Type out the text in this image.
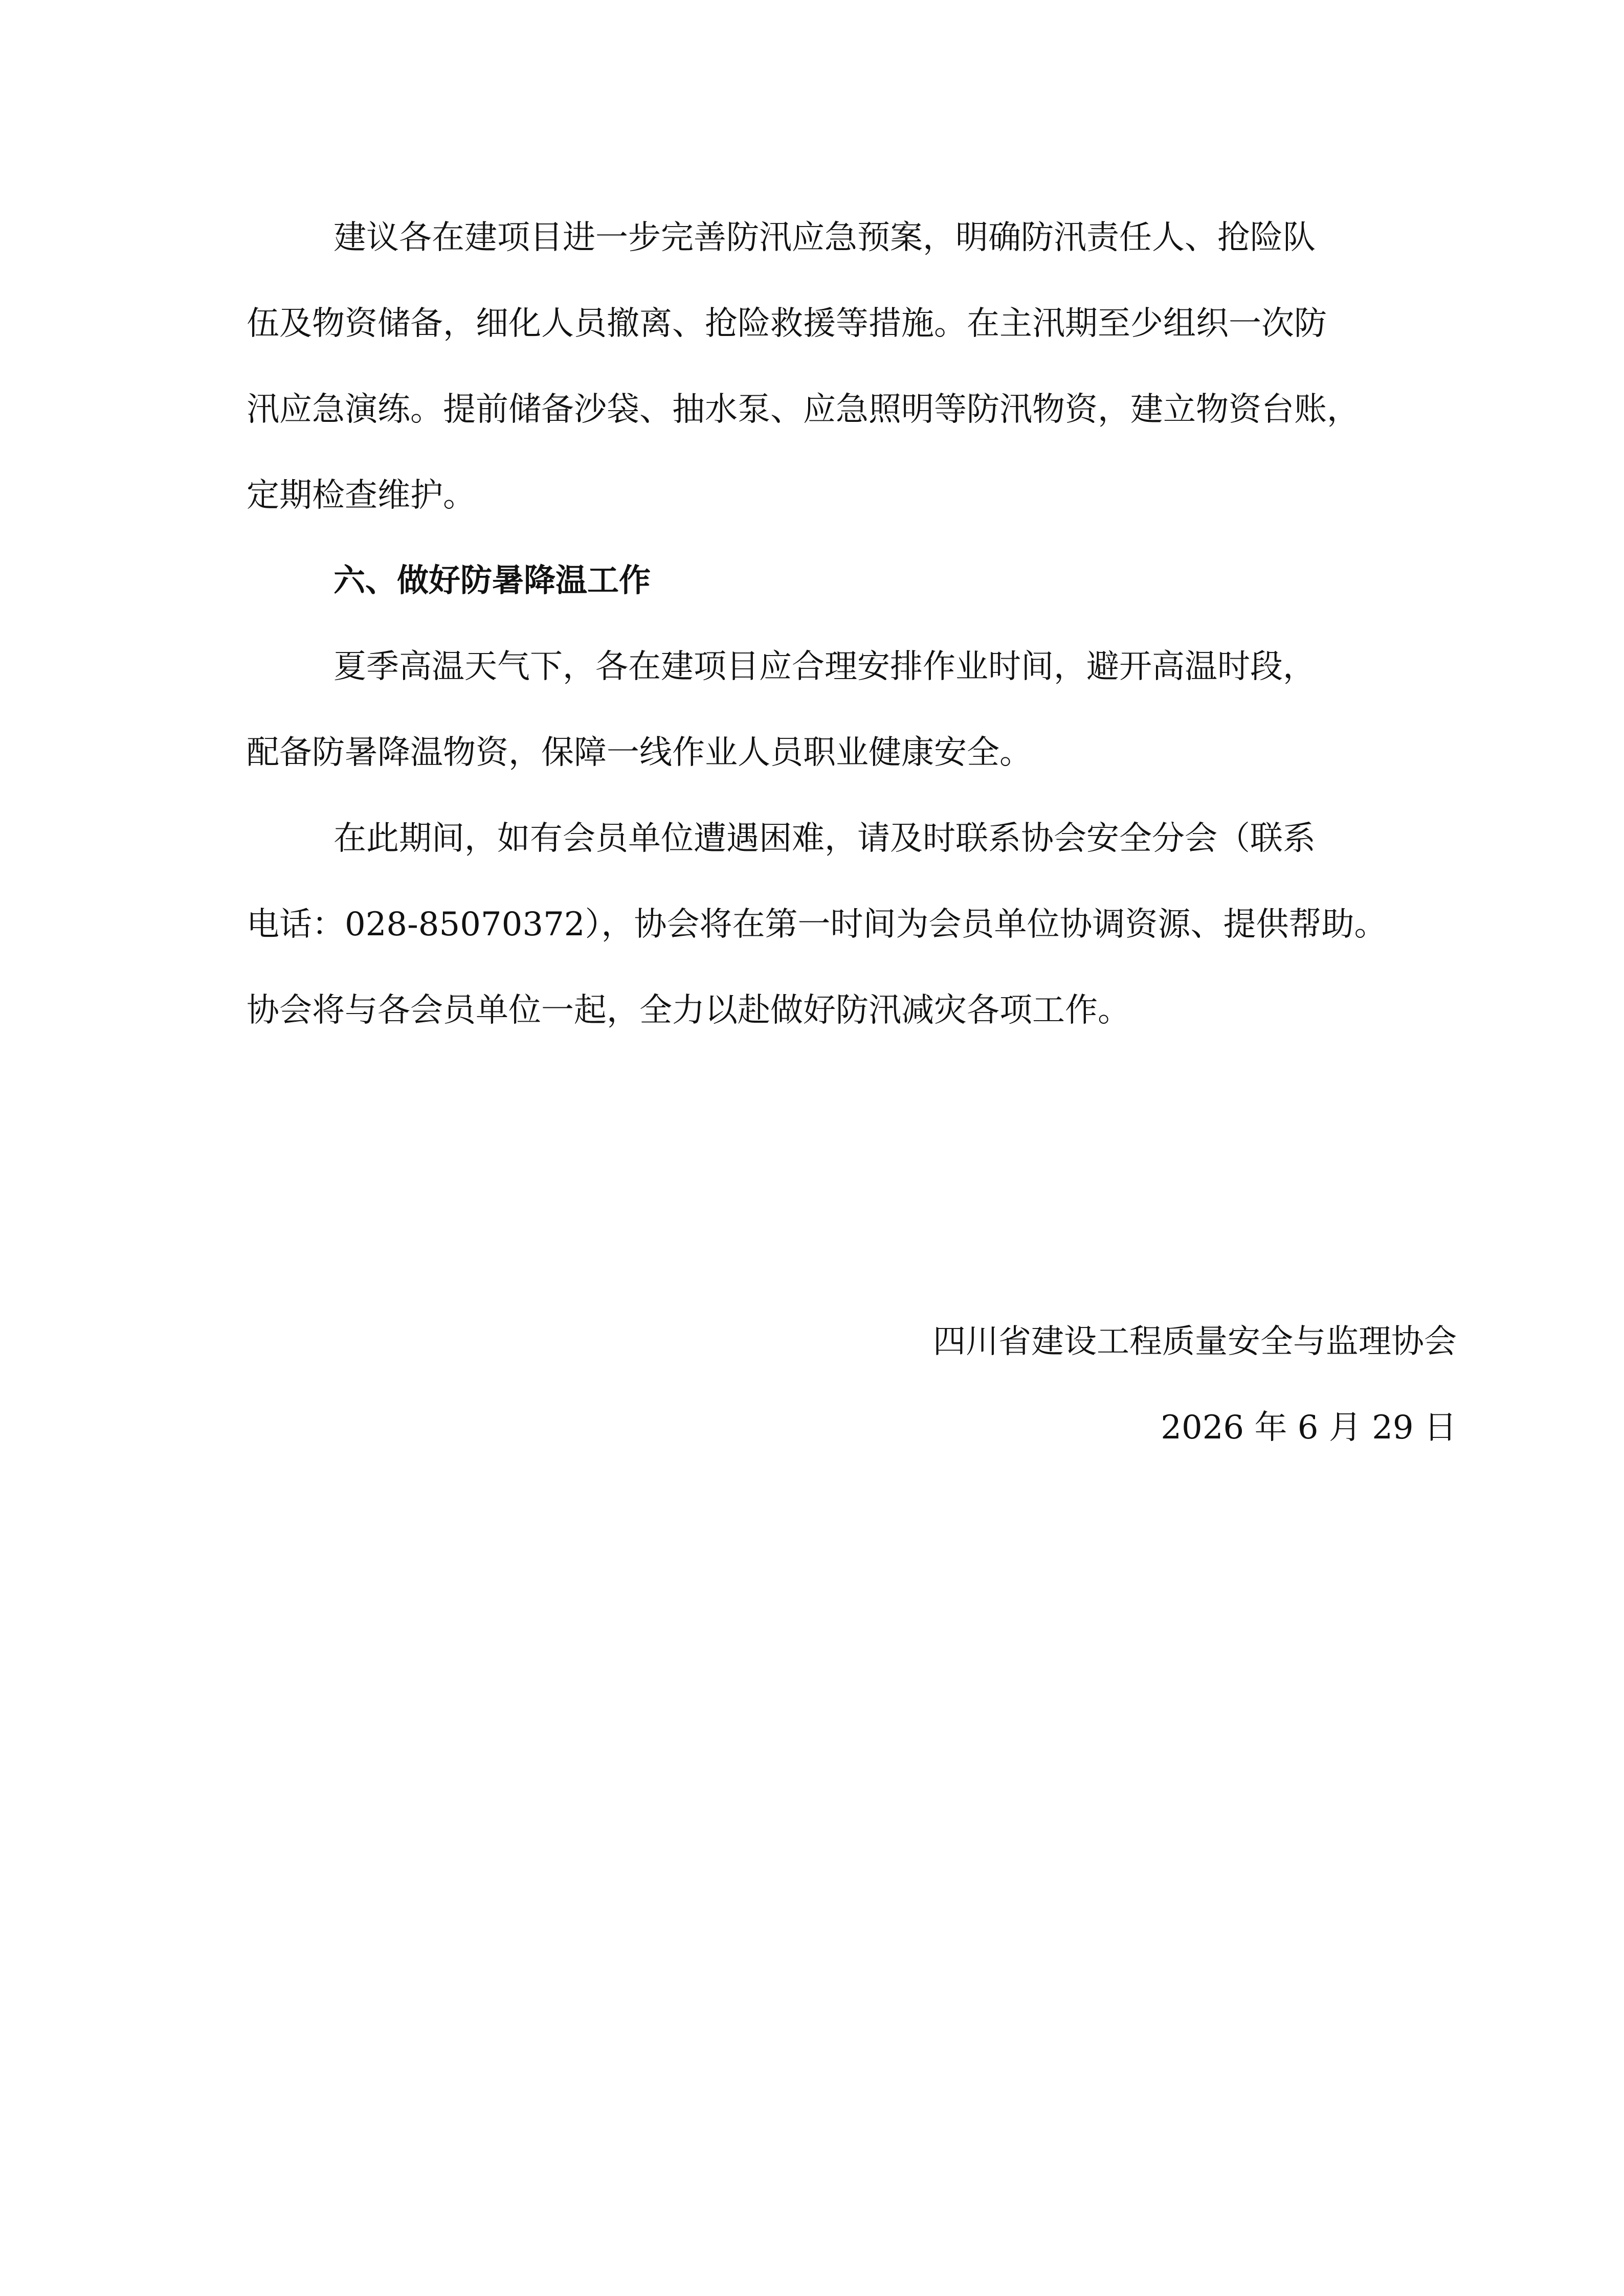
建议各在建项目进一步完善防汛应急预案，明确防汛责任人、抢险队

伍及物资储备，细化人员撤离、抢险救援等措施。在主汛期至少组织一次防

汛应急演练。提前储备沙袋、抽水泵、应急照明等防汛物资，建立物资台账，

定期检查维护。

六、做好防暑降温工作

夏季高温天气下，各在建项目应合理安排作业时间，避开高温时段，

配备防暑降温物资，保障一线作业人员职业健康安全。

在此期间，如有会员单位遭遇困难，请及时联系协会安全分会（联系

电话：028-85070372），协会将在第一时间为会员单位协调资源、提供帮助。

协会将与各会员单位一起，全力以赴做好防汛减灾各项工作。

四川省建设工程质量安全与监理协会

2026 年 6 月 29 日
